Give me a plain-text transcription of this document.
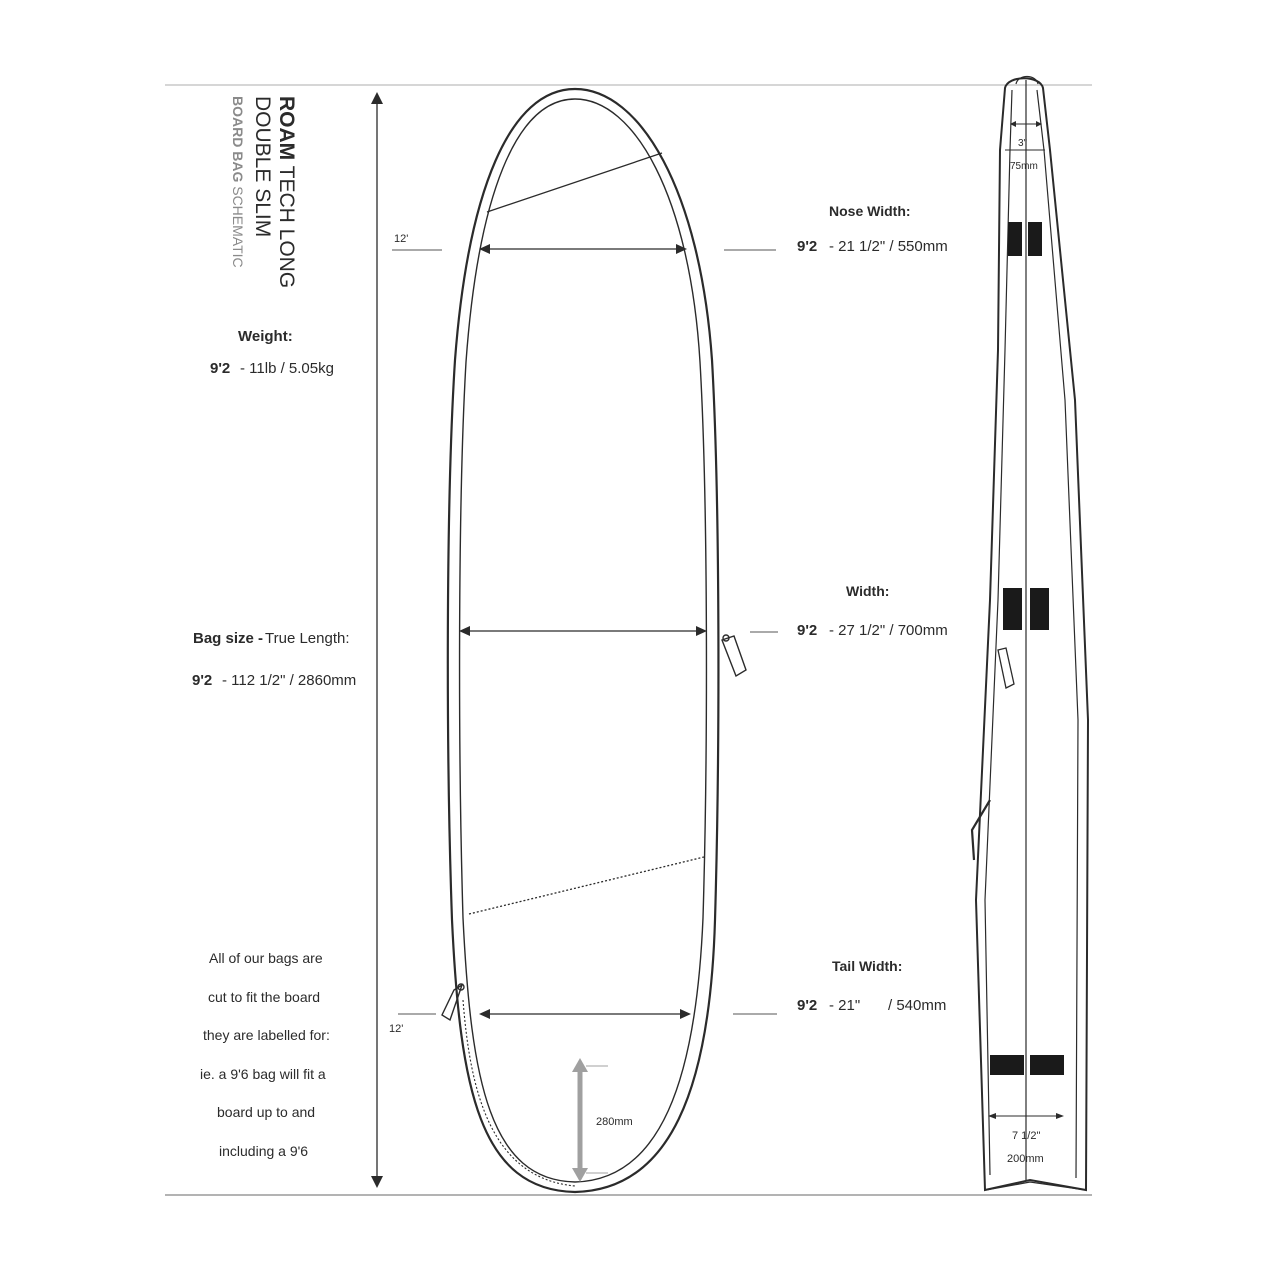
ROAM TECH LONG
DOUBLE SLIM
BOARD BAG SCHEMATIC
Weight:
9'2 - 11lb / 5.05kg
Bag size - True Length:
9'2 - 112 1/2" / 2860mm
All of our bags are
cut to fit the board
they are labelled for:
ie. a 9'6 bag will fit a
board up to and
including a 9'6
12'
12'
280mm
Nose Width:
9'2 - 21 1/2" / 550mm
Width:
9'2 - 27 1/2" / 700mm
Tail Width:
9'2 - 21" / 540mm
3"
75mm
7 1/2"
200mm
